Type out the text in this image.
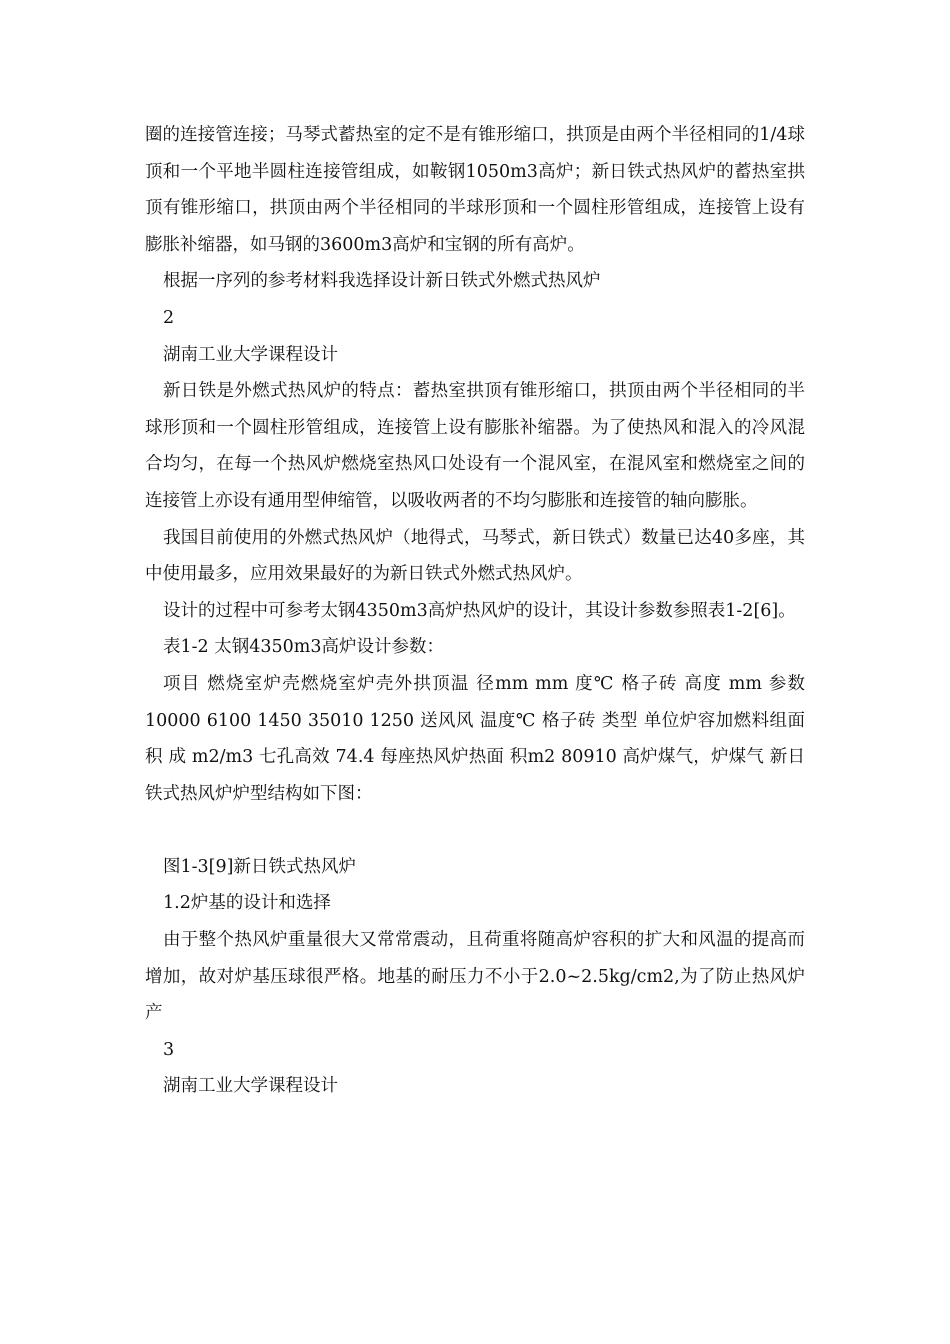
圈的连接管连接；马琴式蓄热室的定不是有锥形缩口，拱顶是由两个半径相同的1/4球顶和一个平地半圆柱连接管组成，如鞍钢1050m3高炉；新日铁式热风炉的蓄热室拱顶有锥形缩口，拱顶由两个半径相同的半球形顶和一个圆柱形管组成，连接管上设有膨胀补缩器，如马钢的3600m3高炉和宝钢的所有高炉。

根据一序列的参考材料我选择设计新日铁式外燃式热风炉

2

湖南工业大学课程设计

新日铁是外燃式热风炉的特点：蓄热室拱顶有锥形缩口，拱顶由两个半径相同的半球形顶和一个圆柱形管组成，连接管上设有膨胀补缩器。为了使热风和混入的冷风混合均匀，在每一个热风炉燃烧室热风口处设有一个混风室，在混风室和燃烧室之间的连接管上亦设有通用型伸缩管，以吸收两者的不均匀膨胀和连接管的轴向膨胀。

我国目前使用的外燃式热风炉（地得式，马琴式，新日铁式）数量已达40多座，其中使用最多，应用效果最好的为新日铁式外燃式热风炉。

设计的过程中可参考太钢4350m3高炉热风炉的设计，其设计参数参照表1-2[6]。

表1-2 太钢4350m3高炉设计参数：

项目 燃烧室炉壳燃烧室炉壳外拱顶温 径mm mm 度℃ 格子砖 高度 mm 参数 10000 6100 1450 35010 1250 送风风 温度℃ 格子砖 类型 单位炉容加燃料组面积 成 m2/m3 七孔高效 74.4 每座热风炉热面 积m2 80910 高炉煤气，炉煤气 新日铁式热风炉炉型结构如下图：

图1-3[9]新日铁式热风炉

1.2炉基的设计和选择

由于整个热风炉重量很大又常常震动，且荷重将随高炉容积的扩大和风温的提高而增加，故对炉基压球很严格。地基的耐压力不小于2.0~2.5kg/cm2,为了防止热风炉产

3

湖南工业大学课程设计
